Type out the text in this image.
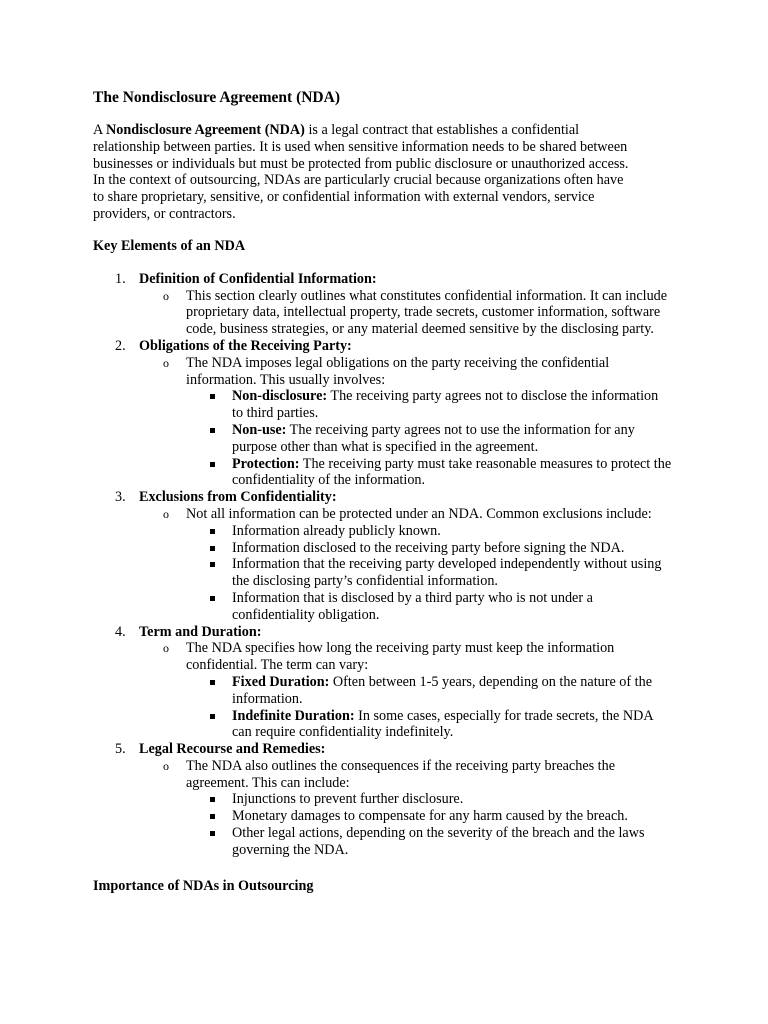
The Nondisclosure Agreement (NDA)

A Nondisclosure Agreement (NDA) is a legal contract that establishes a confidential relationship between parties. It is used when sensitive information needs to be shared between businesses or individuals but must be protected from public disclosure or unauthorized access. In the context of outsourcing, NDAs are particularly crucial because organizations often have to share proprietary, sensitive, or confidential information with external vendors, service providers, or contractors.

Key Elements of an NDA
1. Definition of Confidential Information:
o This section clearly outlines what constitutes confidential information. It can include proprietary data, intellectual property, trade secrets, customer information, software code, business strategies, or any material deemed sensitive by the disclosing party.
2. Obligations of the Receiving Party:
o The NDA imposes legal obligations on the party receiving the confidential information. This usually involves:
Non-disclosure: The receiving party agrees not to disclose the information to third parties.
Non-use: The receiving party agrees not to use the information for any purpose other than what is specified in the agreement.
Protection: The receiving party must take reasonable measures to protect the confidentiality of the information.
3. Exclusions from Confidentiality:
o Not all information can be protected under an NDA. Common exclusions include:
Information already publicly known.
Information disclosed to the receiving party before signing the NDA.
Information that the receiving party developed independently without using the disclosing party’s confidential information.
Information that is disclosed by a third party who is not under a confidentiality obligation.
4. Term and Duration:
o The NDA specifies how long the receiving party must keep the information confidential. The term can vary:
Fixed Duration: Often between 1-5 years, depending on the nature of the information.
Indefinite Duration: In some cases, especially for trade secrets, the NDA can require confidentiality indefinitely.
5. Legal Recourse and Remedies:
o The NDA also outlines the consequences if the receiving party breaches the agreement. This can include:
Injunctions to prevent further disclosure.
Monetary damages to compensate for any harm caused by the breach.
Other legal actions, depending on the severity of the breach and the laws governing the NDA.
Importance of NDAs in Outsourcing
